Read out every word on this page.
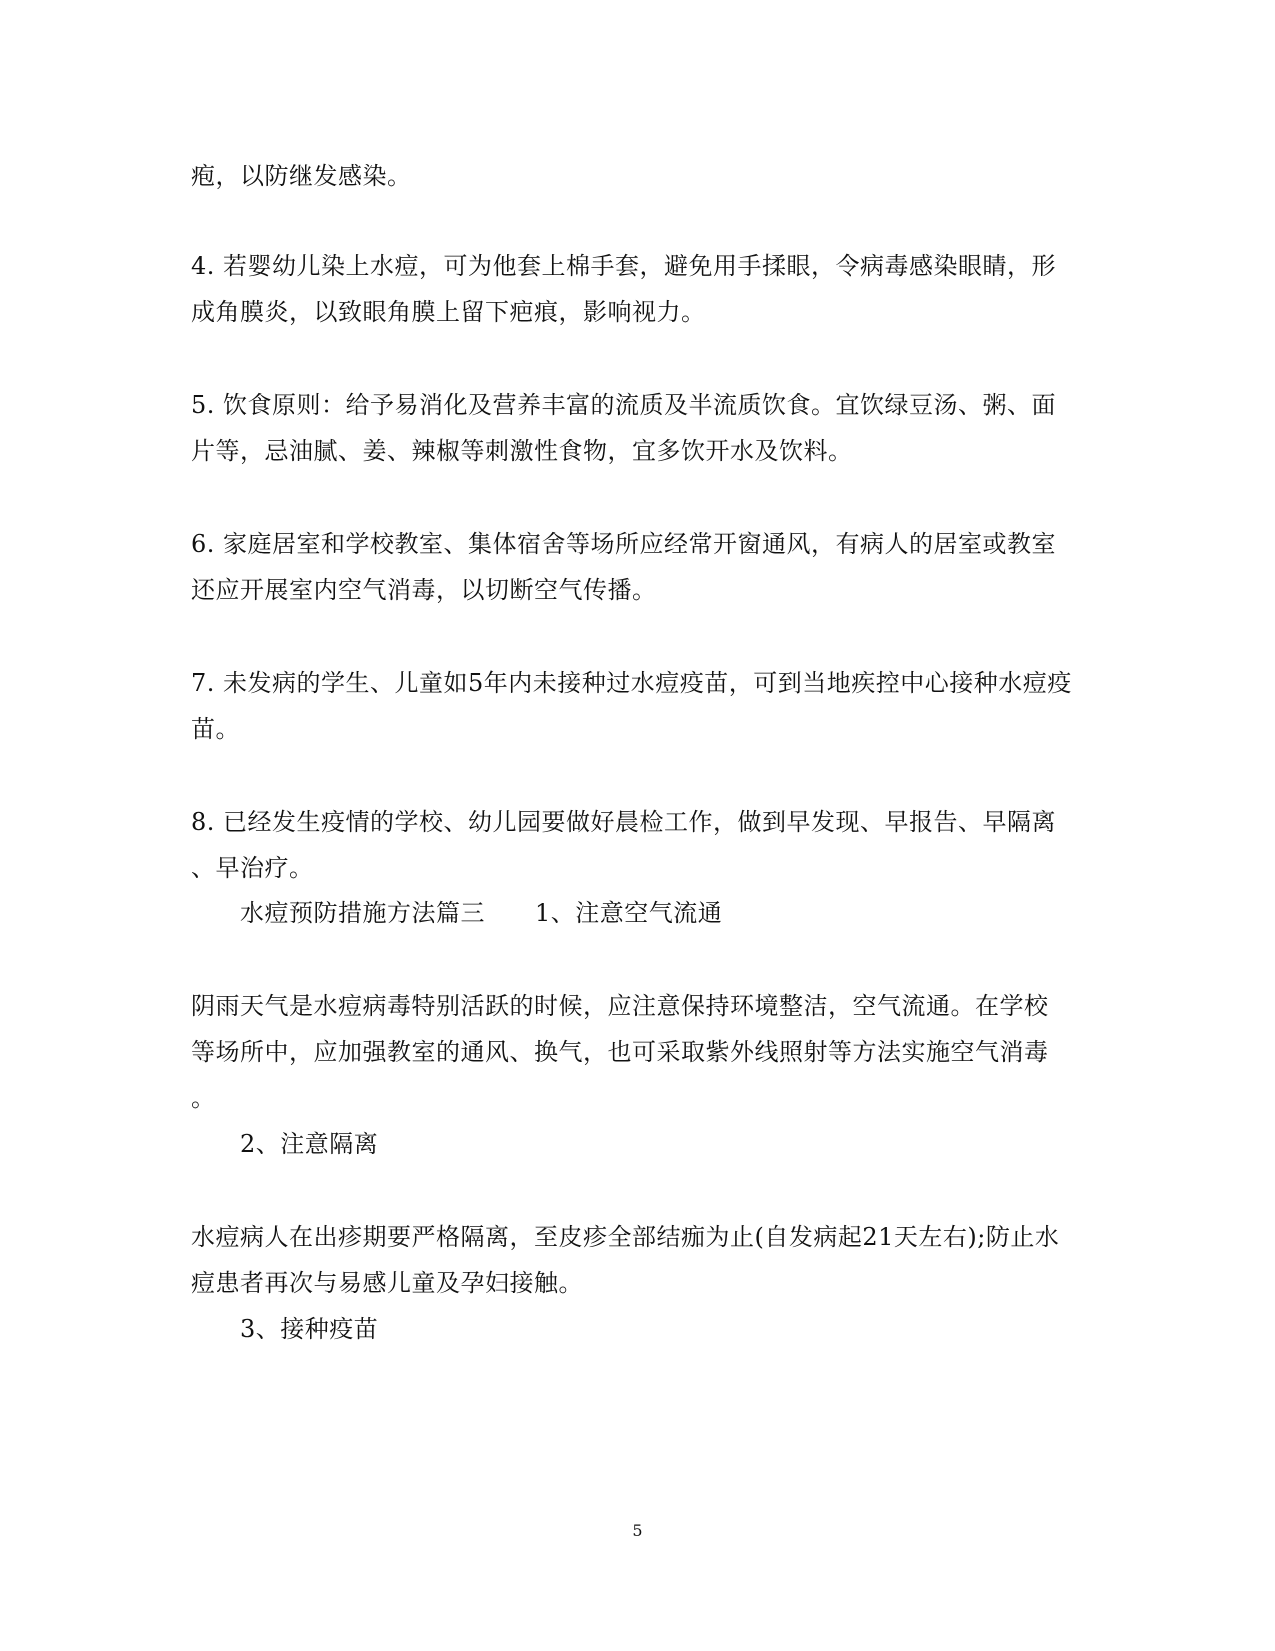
疱，以防继发感染。
4. 若婴幼儿染上水痘，可为他套上棉手套，避免用手揉眼，令病毒感染眼睛，形
成角膜炎，以致眼角膜上留下疤痕，影响视力。
5. 饮食原则：给予易消化及营养丰富的流质及半流质饮食。宜饮绿豆汤、粥、面
片等，忌油腻、姜、辣椒等刺激性食物，宜多饮开水及饮料。
6. 家庭居室和学校教室、集体宿舍等场所应经常开窗通风，有病人的居室或教室
还应开展室内空气消毒，以切断空气传播。
7. 未发病的学生、儿童如5年内未接种过水痘疫苗，可到当地疾控中心接种水痘疫
苗。
8. 已经发生疫情的学校、幼儿园要做好晨检工作，做到早发现、早报告、早隔离
、早治疗。
水痘预防措施方法篇三 1、注意空气流通
阴雨天气是水痘病毒特别活跃的时候，应注意保持环境整洁，空气流通。在学校
等场所中，应加强教室的通风、换气，也可采取紫外线照射等方法实施空气消毒
。
2、注意隔离
水痘病人在出疹期要严格隔离，至皮疹全部结痂为止(自发病起21天左右);防止水
痘患者再次与易感儿童及孕妇接触。
3、接种疫苗
5
